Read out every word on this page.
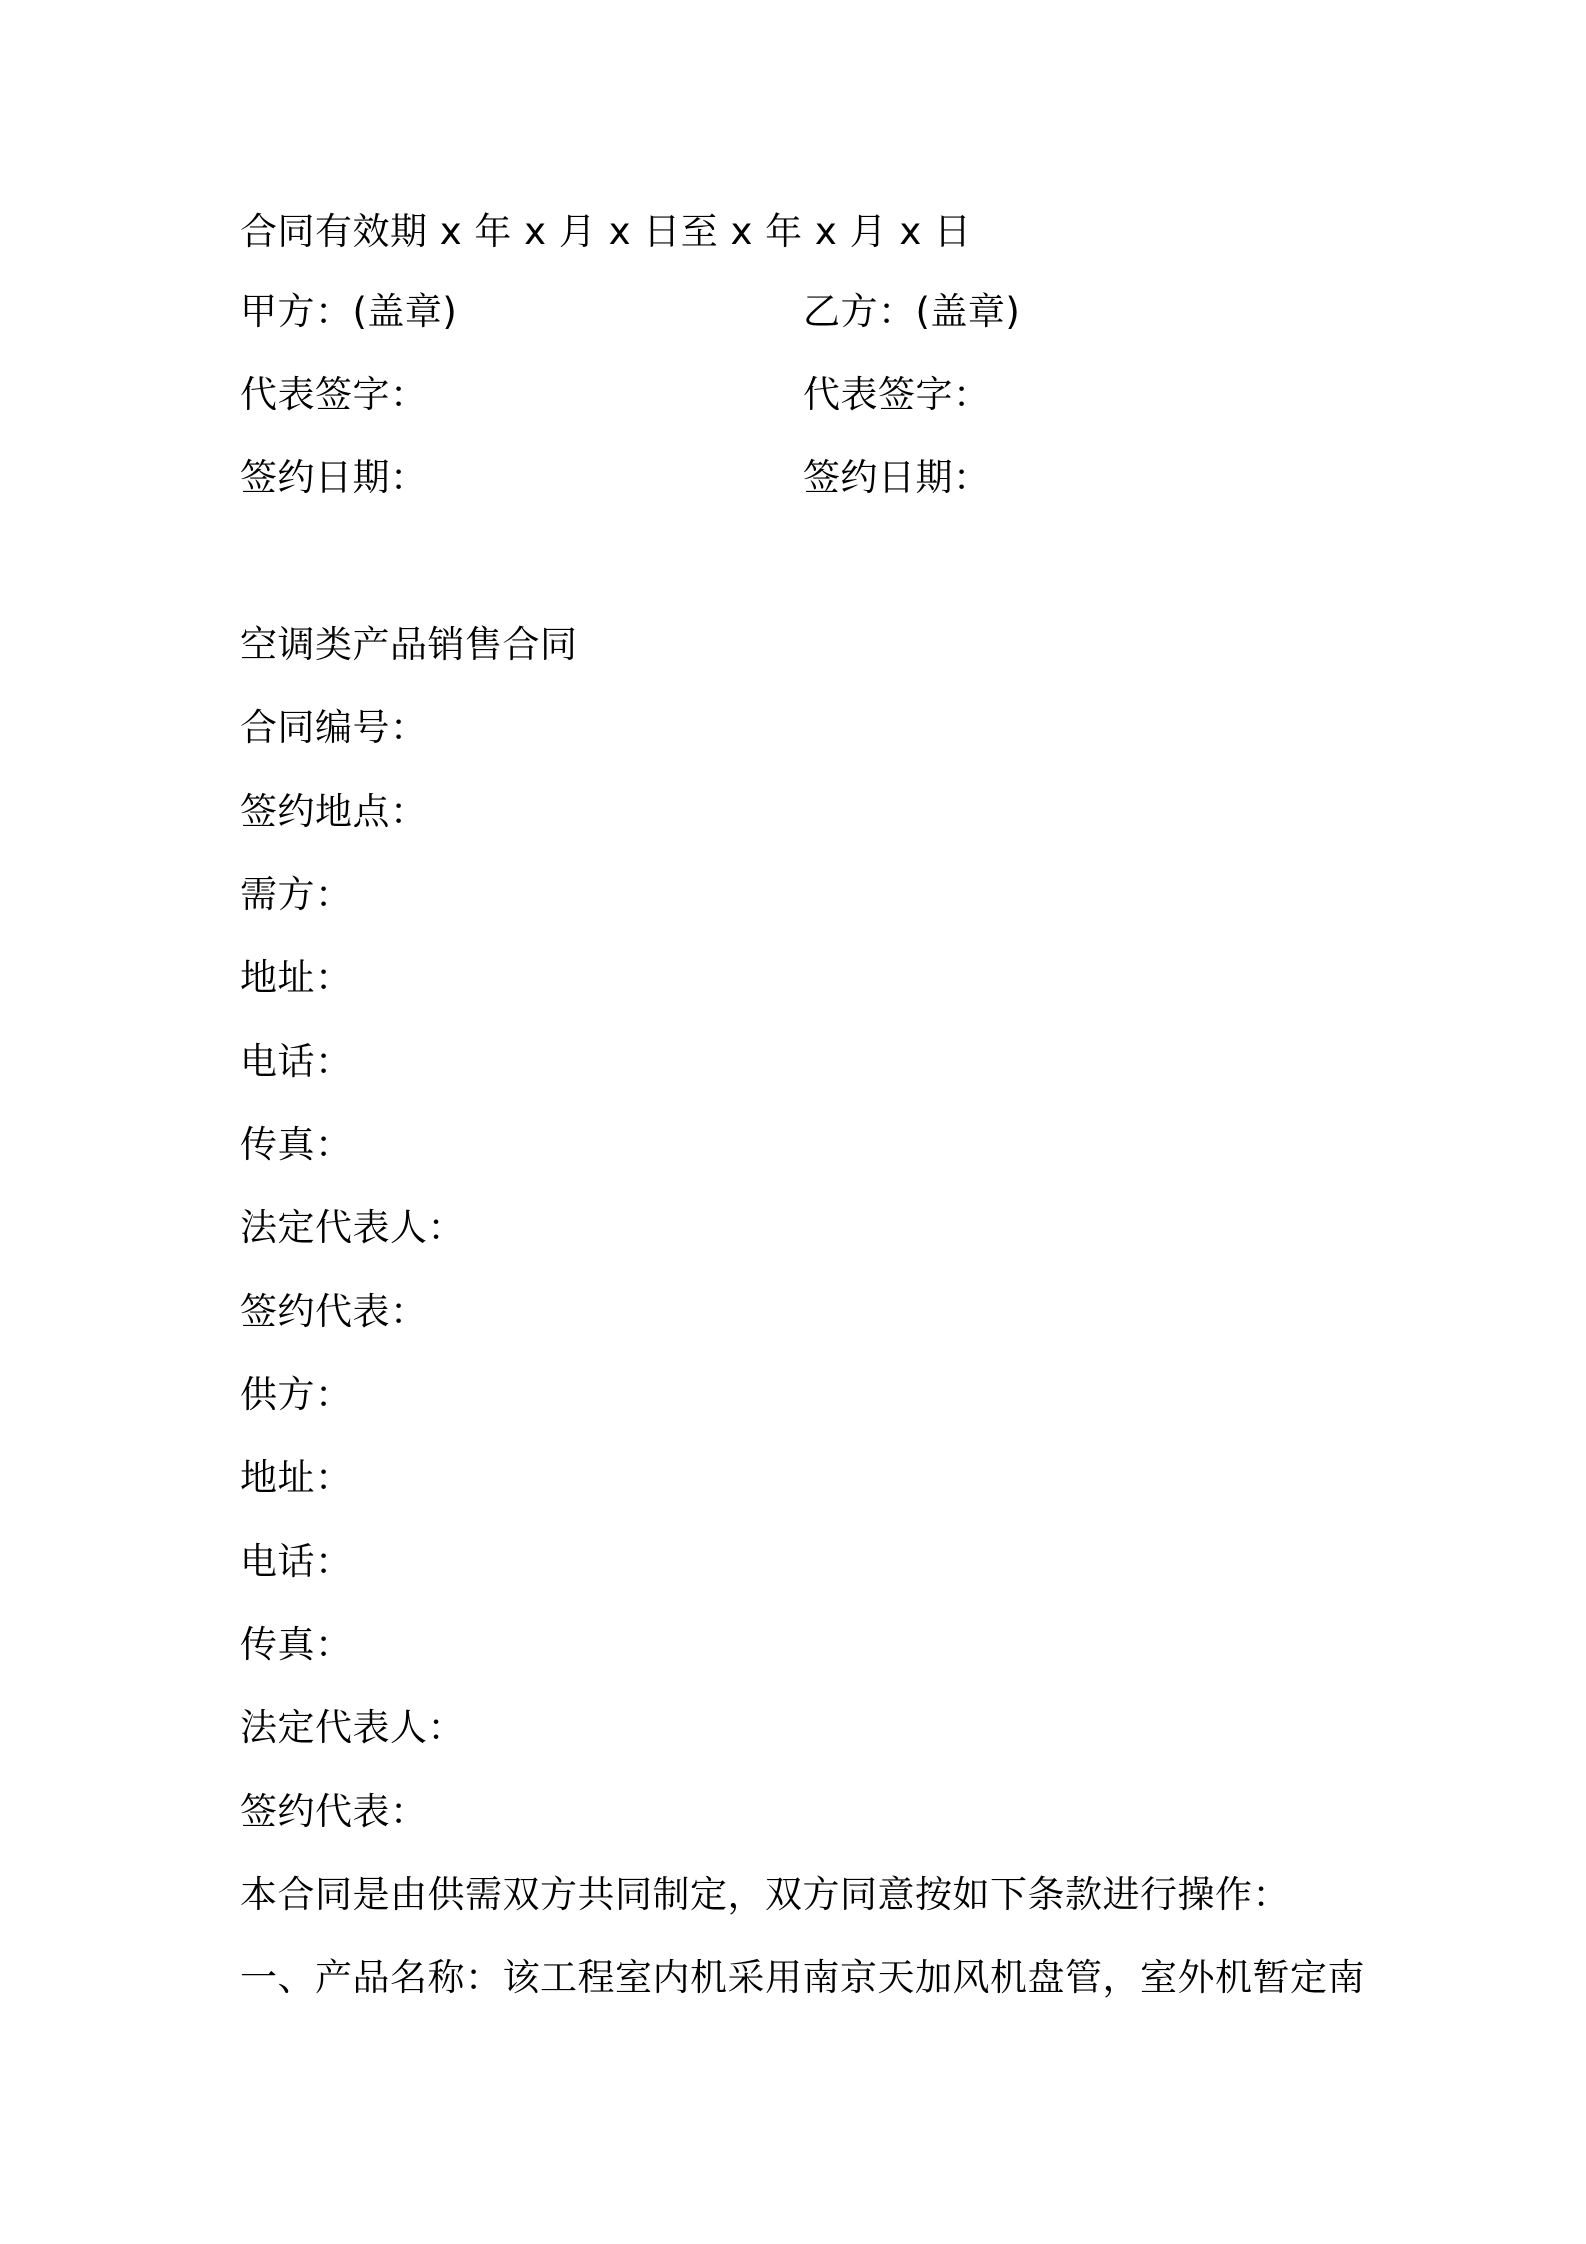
合同有效期 x 年 x 月 x 日至 x 年 x 月 x 日
甲方：(盖章)	乙方：(盖章)
代表签字：	代表签字：
签约日期：	签约日期：
空调类产品销售合同
合同编号：
签约地点：
需方：
地址：
电话：
传真：
法定代表人：
签约代表：
供方：
地址：
电话：
传真：
法定代表人：
签约代表：
本合同是由供需双方共同制定，双方同意按如下条款进行操作：
一、产品名称：该工程室内机采用南京天加风机盘管，室外机暂定南
